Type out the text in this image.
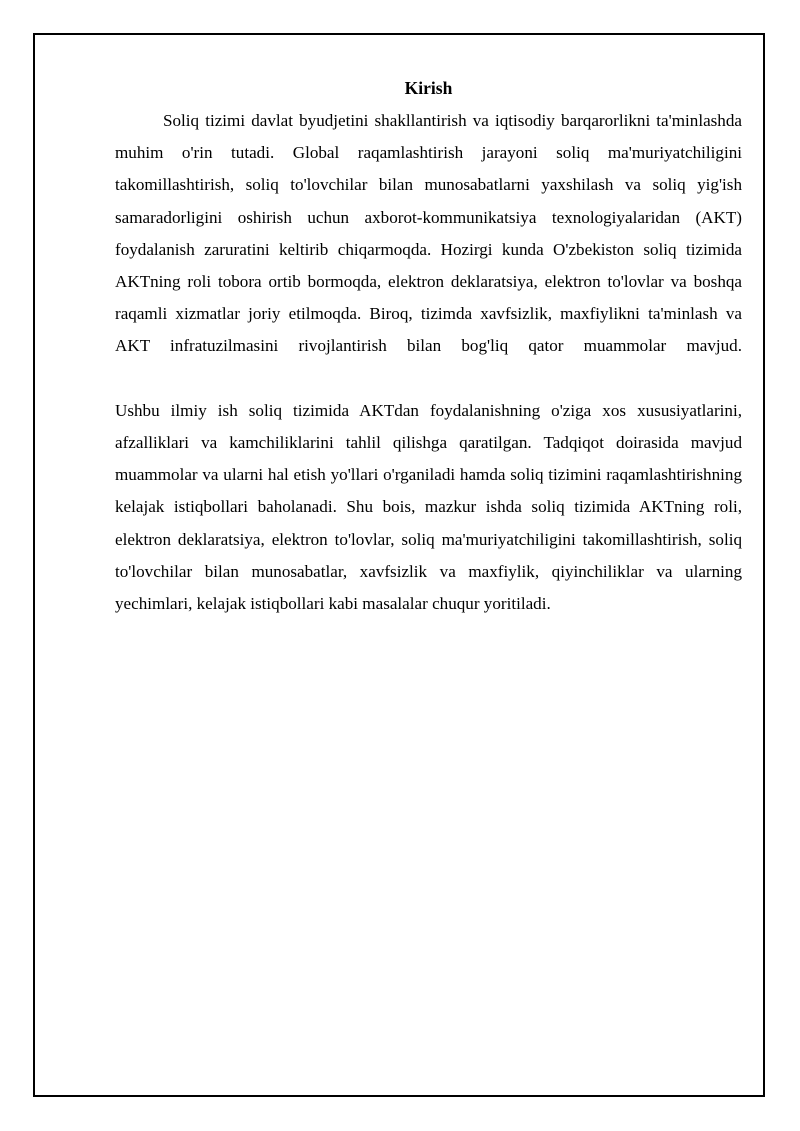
Kirish

Soliq tizimi davlat byudjetini shakllantirish va iqtisodiy barqarorlikni ta'minlashda muhim o'rin tutadi. Global raqamlashtirish jarayoni soliq ma'muriyatchiligini takomillashtirish, soliq to'lovchilar bilan munosabatlarni yaxshilash va soliq yig'ish samaradorligini oshirish uchun axborot-kommunikatsiya texnologiyalaridan (AKT) foydalanish zaruratini keltirib chiqarmoqda. Hozirgi kunda O'zbekiston soliq tizimida AKTning roli tobora ortib bormoqda, elektron deklaratsiya, elektron to'lovlar va boshqa raqamli xizmatlar joriy etilmoqda. Biroq, tizimda xavfsizlik, maxfiylikni ta'minlash va AKT infratuzilmasini rivojlantirish bilan bog'liq qator muammolar mavjud.

Ushbu ilmiy ish soliq tizimida AKTdan foydalanishning o'ziga xos xususiyatlarini, afzalliklari va kamchiliklarini tahlil qilishga qaratilgan. Tadqiqot doirasida mavjud muammolar va ularni hal etish yo'llari o'rganiladi hamda soliq tizimini raqamlashtirishning kelajak istiqbollari baholanadi. Shu bois, mazkur ishda soliq tizimida AKTning roli, elektron deklaratsiya, elektron to'lovlar, soliq ma'muriyatchiligini takomillashtirish, soliq to'lovchilar bilan munosabatlar, xavfsizlik va maxfiylik, qiyinchiliklar va ularning yechimlari, kelajak istiqbollari kabi masalalar chuqur yoritiladi.
